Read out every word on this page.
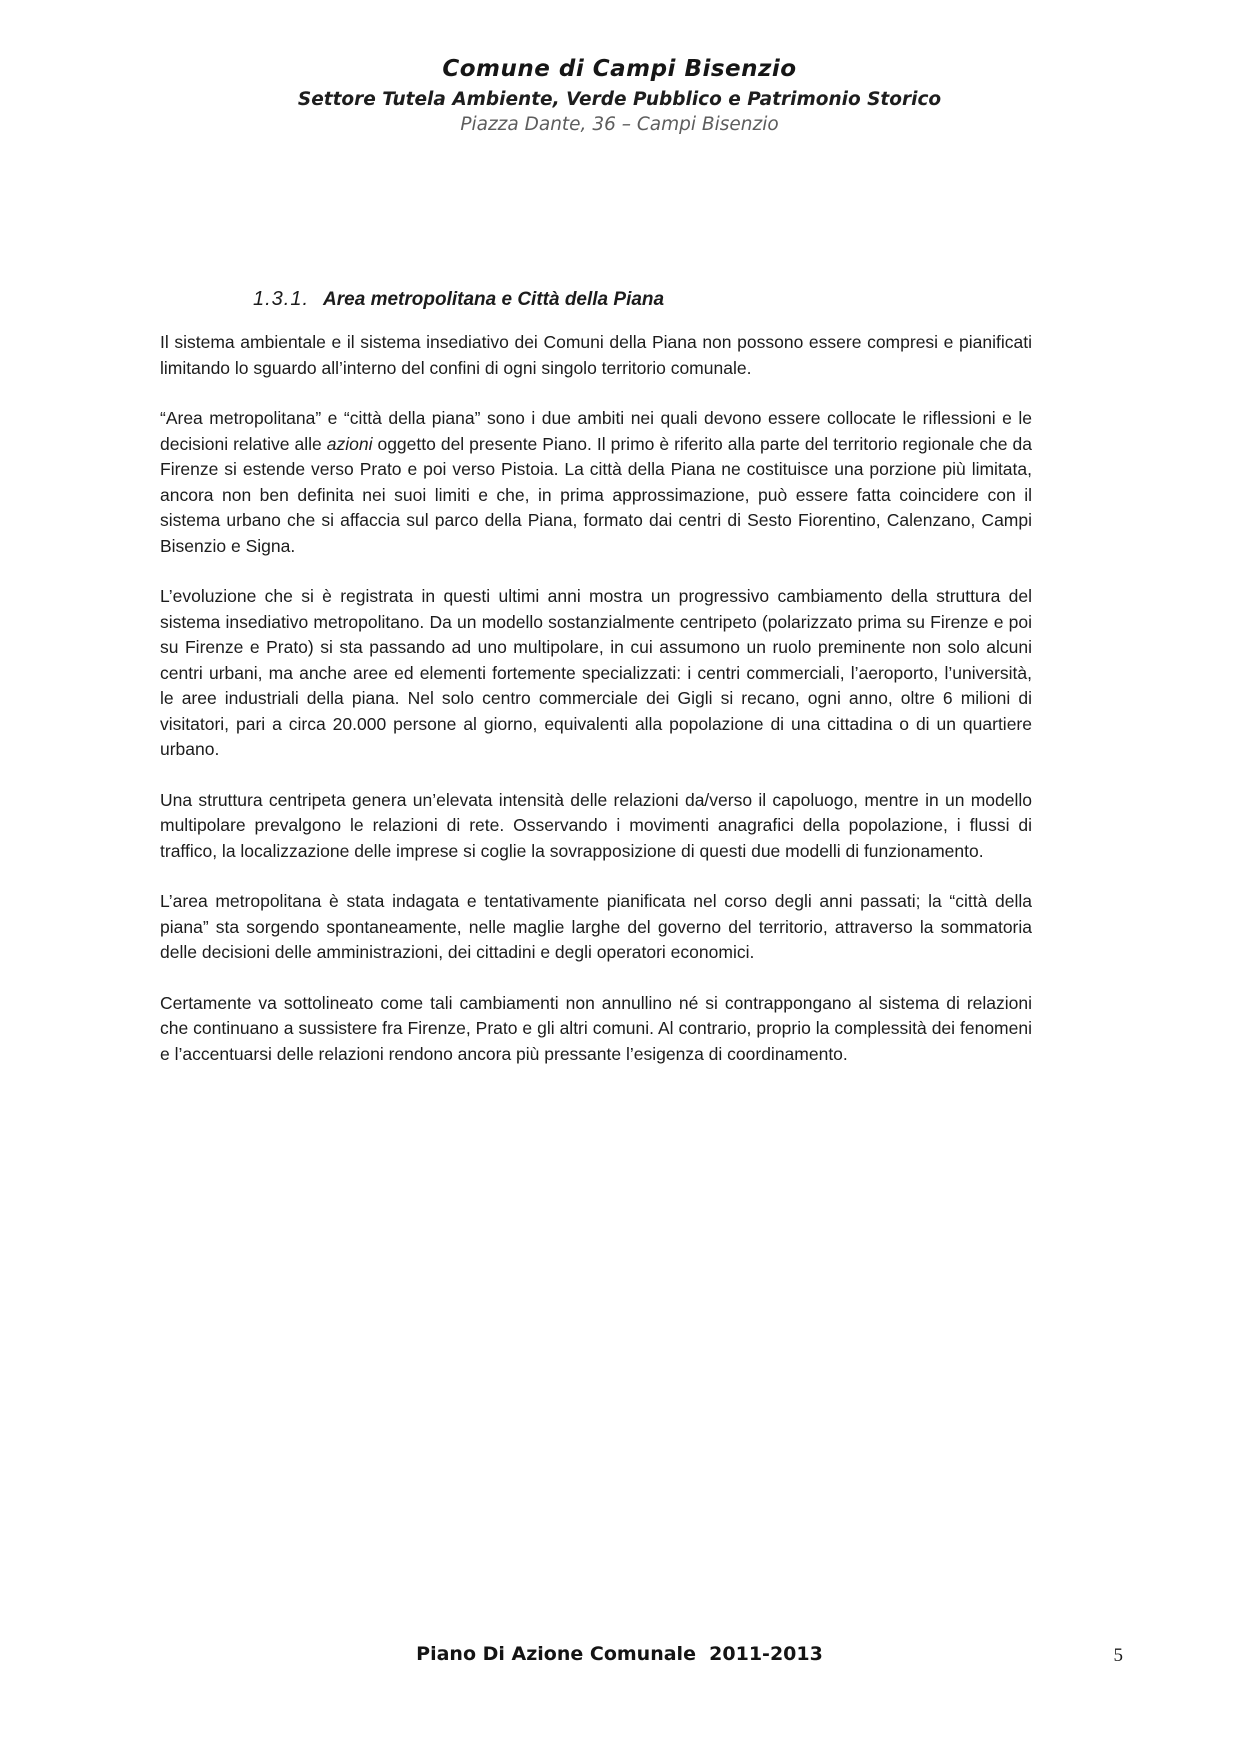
Comune di Campi Bisenzio
Settore Tutela Ambiente, Verde Pubblico e Patrimonio Storico
Piazza Dante, 36 – Campi Bisenzio
1.3.1. Area metropolitana e Città della Piana

Il sistema ambientale e il sistema insediativo dei Comuni della Piana non possono essere compresi e pianificati limitando lo sguardo all’interno del confini di ogni singolo territorio comunale.

“Area metropolitana” e “città della piana” sono i due ambiti nei quali devono essere collocate le riflessioni e le decisioni relative alle azioni oggetto del presente Piano. Il primo è riferito alla parte del territorio regionale che da Firenze si estende verso Prato e poi verso Pistoia. La città della Piana ne costituisce una porzione più limitata, ancora non ben definita nei suoi limiti e che, in prima approssimazione, può essere fatta coincidere con il sistema urbano che si affaccia sul parco della Piana, formato dai centri di Sesto Fiorentino, Calenzano, Campi Bisenzio e Signa.

L’evoluzione che si è registrata in questi ultimi anni mostra un progressivo cambiamento della struttura del sistema insediativo metropolitano. Da un modello sostanzialmente centripeto (polarizzato prima su Firenze e poi su Firenze e Prato) si sta passando ad uno multipolare, in cui assumono un ruolo preminente non solo alcuni centri urbani, ma anche aree ed elementi fortemente specializzati: i centri commerciali, l’aeroporto, l’università, le aree industriali della piana. Nel solo centro commerciale dei Gigli si recano, ogni anno, oltre 6 milioni di visitatori, pari a circa 20.000 persone al giorno, equivalenti alla popolazione di una cittadina o di un quartiere urbano.

Una struttura centripeta genera un’elevata intensità delle relazioni da/verso il capoluogo, mentre in un modello multipolare prevalgono le relazioni di rete. Osservando i movimenti anagrafici della popolazione, i flussi di traffico, la localizzazione delle imprese si coglie la sovrapposizione di questi due modelli di funzionamento.

L’area metropolitana è stata indagata e tentativamente pianificata nel corso degli anni passati; la “città della piana” sta sorgendo spontaneamente, nelle maglie larghe del governo del territorio, attraverso la sommatoria delle decisioni delle amministrazioni, dei cittadini e degli operatori economici.

Certamente va sottolineato come tali cambiamenti non annullino né si contrappongano al sistema di relazioni che continuano a sussistere fra Firenze, Prato e gli altri comuni. Al contrario, proprio la complessità dei fenomeni e l’accentuarsi delle relazioni rendono ancora più pressante l’esigenza di coordinamento.

Piano Di Azione Comunale  2011-2013	5
